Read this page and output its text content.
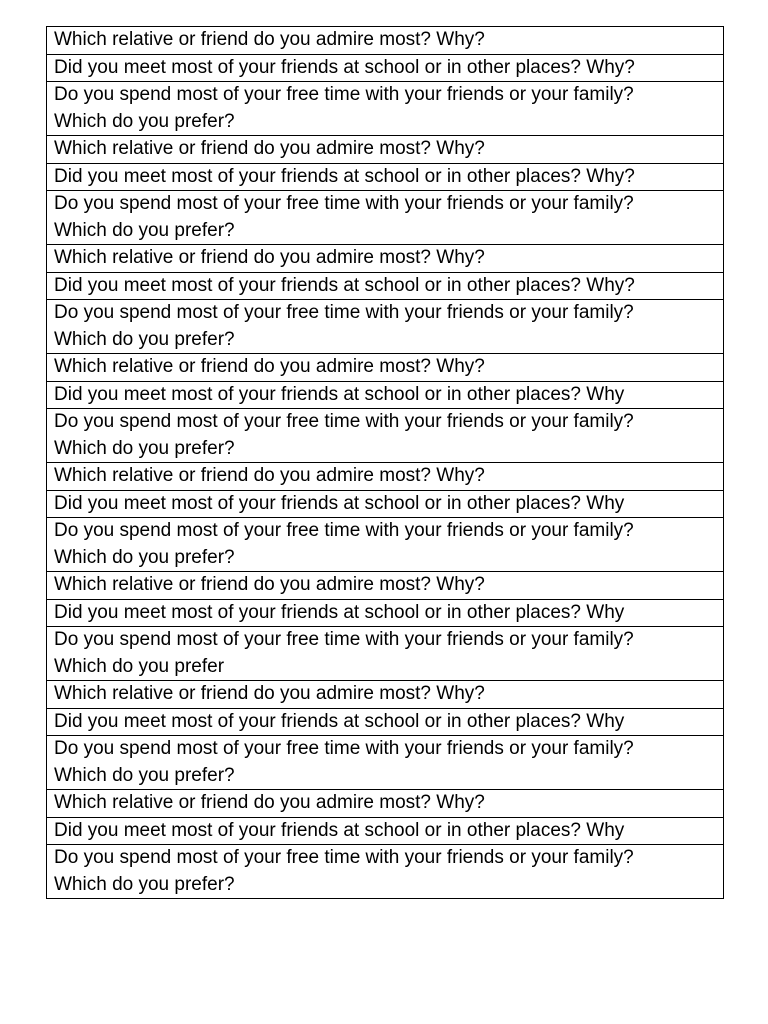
Which relative or friend do you admire most? Why?
Did you meet most of your friends at school or in other places? Why?
Do you spend most of your free time with your friends or your family?
Which do you prefer?
Which relative or friend do you admire most? Why?
Did you meet most of your friends at school or in other places? Why?
Do you spend most of your free time with your friends or your family?
Which do you prefer?
Which relative or friend do you admire most? Why?
Did you meet most of your friends at school or in other places? Why?
Do you spend most of your free time with your friends or your family?
Which do you prefer?
Which relative or friend do you admire most? Why?
Did you meet most of your friends at school or in other places? Why
Do you spend most of your free time with your friends or your family?
Which do you prefer?
Which relative or friend do you admire most? Why?
Did you meet most of your friends at school or in other places? Why
Do you spend most of your free time with your friends or your family?
Which do you prefer?
Which relative or friend do you admire most? Why?
Did you meet most of your friends at school or in other places? Why
Do you spend most of your free time with your friends or your family?
Which do you prefer
Which relative or friend do you admire most? Why?
Did you meet most of your friends at school or in other places? Why
Do you spend most of your free time with your friends or your family?
Which do you prefer?
Which relative or friend do you admire most? Why?
Did you meet most of your friends at school or in other places? Why
Do you spend most of your free time with your friends or your family?
Which do you prefer?
